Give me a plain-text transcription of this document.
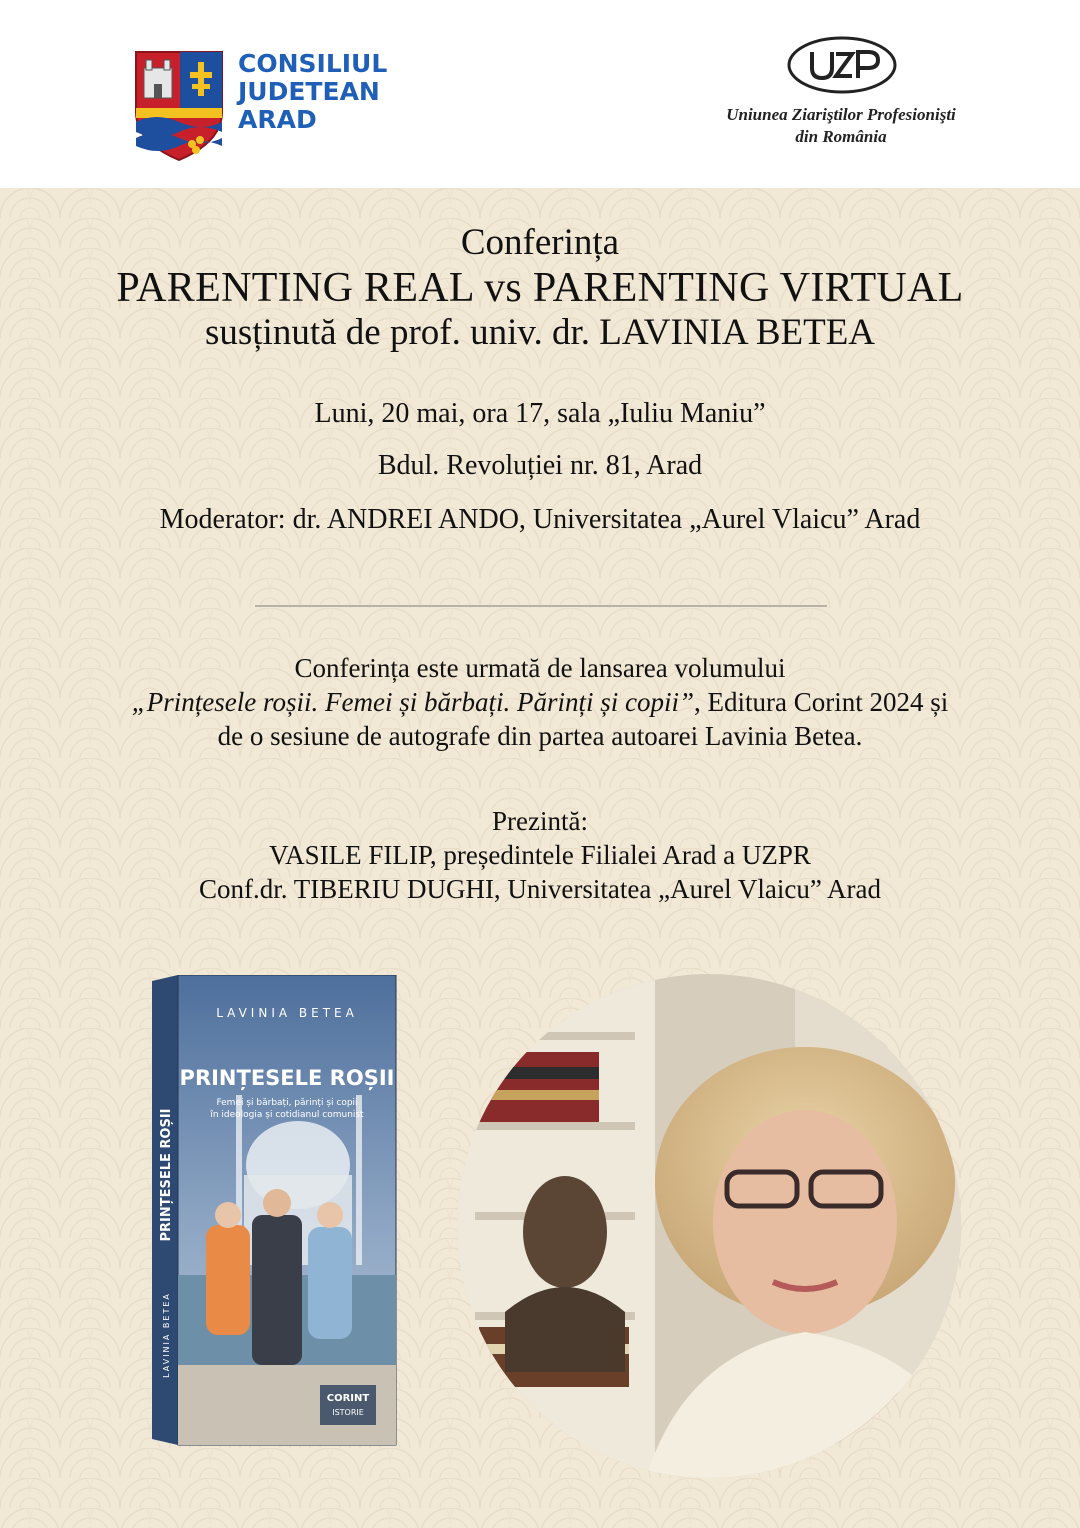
CONSILIUL
JUDETEAN
ARAD	Uniunea Ziariştilor Profesionişti
din România
Conferința
PARENTING REAL vs PARENTING VIRTUAL
susținută de prof. univ. dr. LAVINIA BETEA
Luni, 20 mai, ora 17, sala „Iuliu Maniu”
Bdul. Revoluției nr. 81, Arad
Moderator: dr. ANDREI ANDO, Universitatea „Aurel Vlaicu” Arad
Conferința este urmată de lansarea volumului
„Prințesele roșii. Femei și bărbați. Părinți și copii”, Editura Corint 2024 și
de o sesiune de autografe din partea autoarei Lavinia Betea.
Prezintă:
VASILE FILIP, președintele Filialei Arad a UZPR
Conf.dr. TIBERIU DUGHI, Universitatea „Aurel Vlaicu” Arad
LAVINIA BETEA
PRINȚESELE ROȘII
Femei și bărbați, părinți și copii
în ideologia și cotidianul comunist
PRINȚESELE ROȘII
LAVINIA BETEA
CORINT
ISTORIE
